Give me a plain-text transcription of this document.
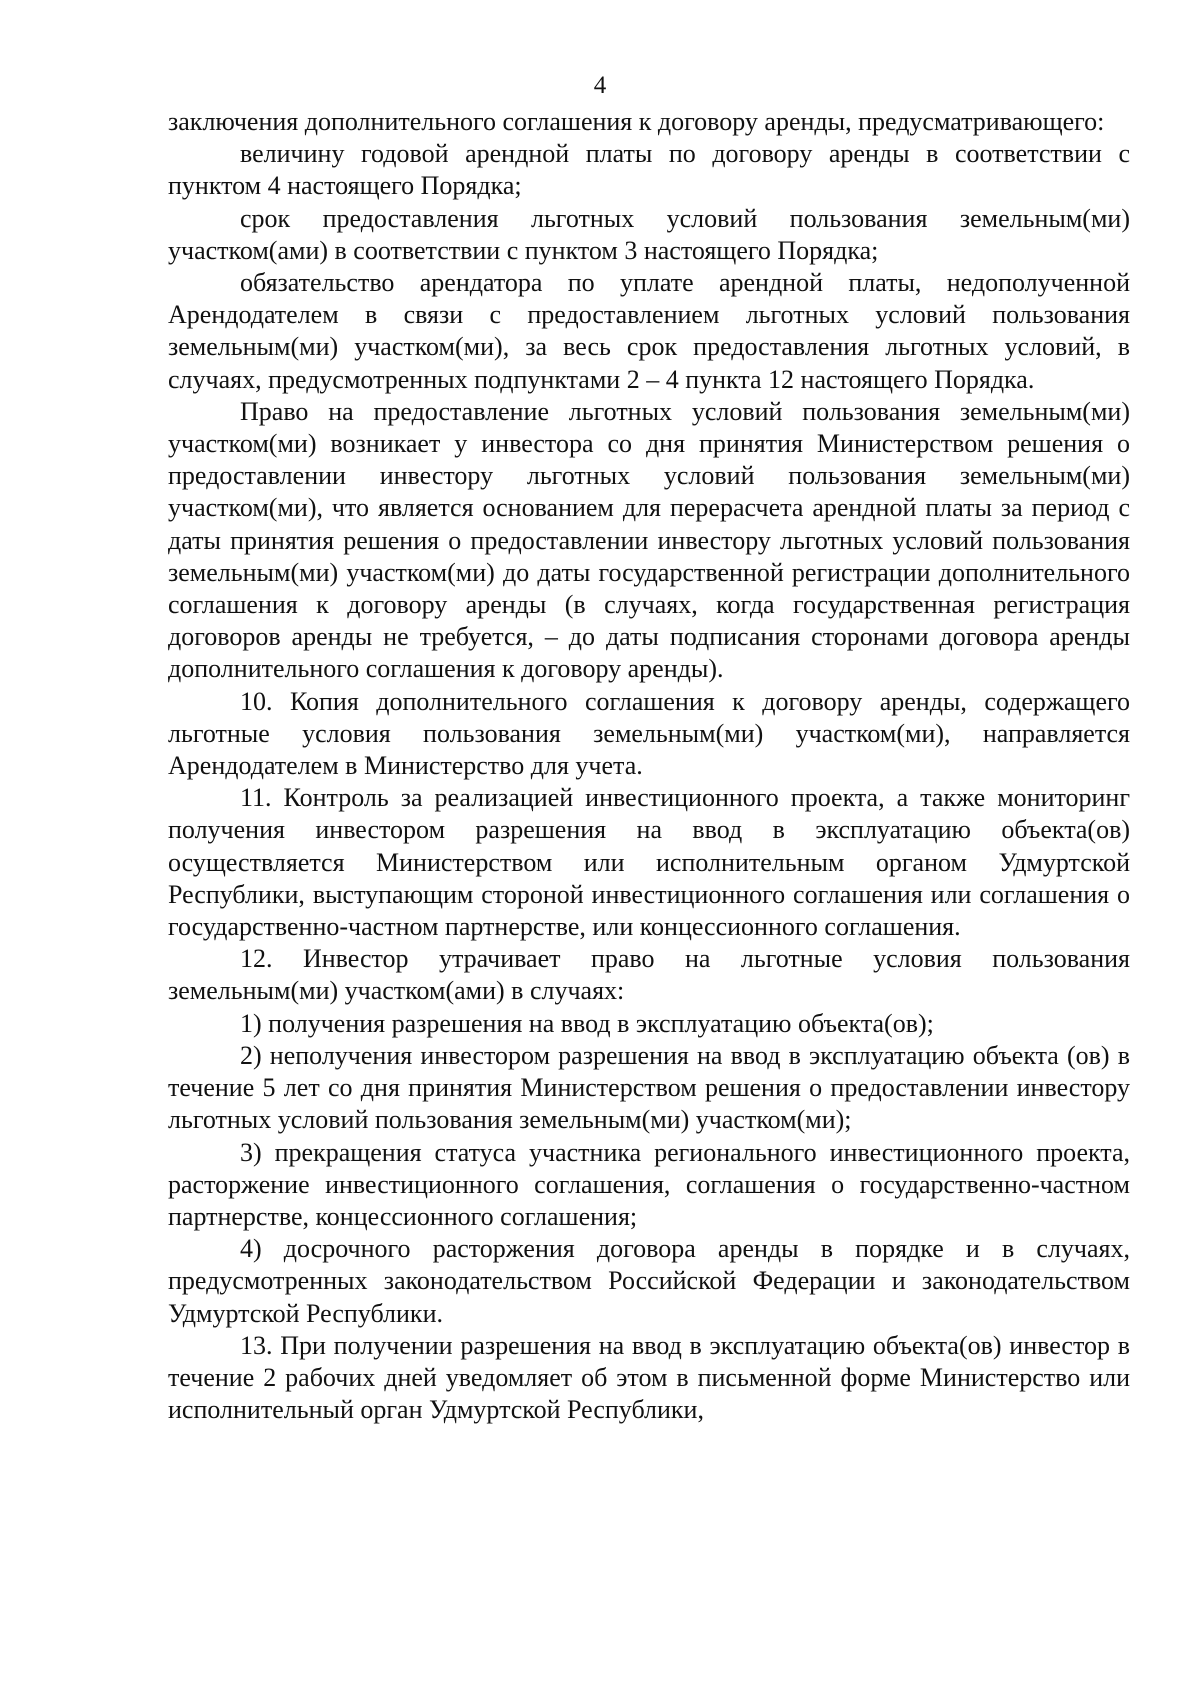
4

заключения дополнительного соглашения к договору аренды, предусматривающего:

величину годовой арендной платы по договору аренды в соответствии с пунктом 4 настоящего Порядка;

срок предоставления льготных условий пользования земельным(ми) участком(ами) в соответствии с пунктом 3 настоящего Порядка;

обязательство арендатора по уплате арендной платы, недополученной Арендодателем в связи с предоставлением льготных условий пользования земельным(ми) участком(ми), за весь срок предоставления льготных условий, в случаях, предусмотренных подпунктами 2 – 4 пункта 12 настоящего Порядка.

Право на предоставление льготных условий пользования земельным(ми) участком(ми) возникает у инвестора со дня принятия Министерством решения о предоставлении инвестору льготных условий пользования земельным(ми) участком(ми), что является основанием для перерасчета арендной платы за период с даты принятия решения о предоставлении инвестору льготных условий пользования земельным(ми) участком(ми) до даты государственной регистрации дополнительного соглашения к договору аренды (в случаях, когда государственная регистрация договоров аренды не требуется, – до даты подписания сторонами договора аренды дополнительного соглашения к договору аренды).

10. Копия дополнительного соглашения к договору аренды, содержащего льготные условия пользования земельным(ми) участком(ми), направляется Арендодателем в Министерство для учета.

11. Контроль за реализацией инвестиционного проекта, а также мониторинг получения инвестором разрешения на ввод в эксплуатацию объекта(ов) осуществляется Министерством или исполнительным органом Удмуртской Республики, выступающим стороной инвестиционного соглашения или соглашения о государственно-частном партнерстве, или концессионного соглашения.

12. Инвестор утрачивает право на льготные условия пользования земельным(ми) участком(ами) в случаях:

1) получения разрешения на ввод в эксплуатацию объекта(ов);

2) неполучения инвестором разрешения на ввод в эксплуатацию объекта (ов) в течение 5 лет со дня принятия Министерством решения о предоставлении инвестору льготных условий пользования земельным(ми) участком(ми);

3) прекращения статуса участника регионального инвестиционного проекта, расторжение инвестиционного соглашения, соглашения о государственно-частном партнерстве, концессионного соглашения;

4) досрочного расторжения договора аренды в порядке и в случаях, предусмотренных законодательством Российской Федерации и законодательством Удмуртской Республики.

13. При получении разрешения на ввод в эксплуатацию объекта(ов) инвестор в течение 2 рабочих дней уведомляет об этом в письменной форме Министерство или исполнительный орган Удмуртской Республики,
